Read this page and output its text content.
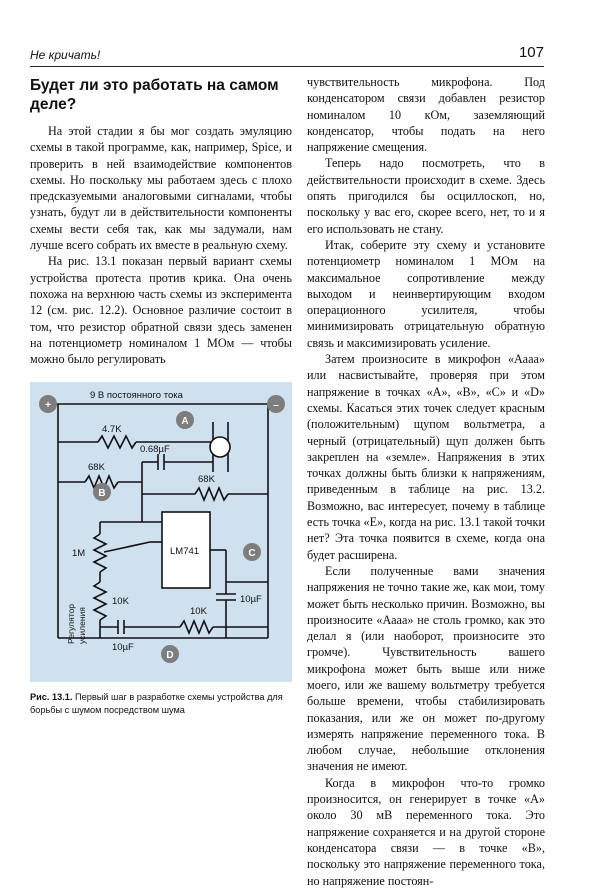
Не кричать!	107
Будет ли это работать на самом деле?

На этой стадии я бы мог создать эмуляцию схемы в такой программе, как, например, Spice, и проверить в ней взаимодействие компонентов схемы. Но поскольку мы работаем здесь с плохо предсказуемыми аналоговыми сигналами, чтобы узнать, будут ли в действительности компоненты схемы вести себя так, как мы задумали, нам лучше всего собрать их вместе в реальную схему.

На рис. 13.1 показан первый вариант схемы устройства протеста против крика. Она очень похожа на верхнюю часть схемы из эксперимента 12 (см. рис. 12.2). Основное различие состоит в том, что резистор обратной связи здесь заменен на потенциометр номиналом 1 МОм — чтобы можно было регулировать

+	–
9 В постоянного тока
4.7K
68K
0.68µF
68K
1M	LM741
10K	10µF
10µF
10K
Регулятор усиления
A
B
C
D
Рис. 13.1. Первый шаг в разработке схемы устройства для борьбы с шумом посредством шума

чувствительность микрофона. Под конденсатором связи добавлен резистор номиналом 10 кОм, заземляющий конденсатор, чтобы подать на него напряжение смещения.

Теперь надо посмотреть, что в действительности происходит в схеме. Здесь опять пригодился бы осциллоскоп, но, поскольку у вас его, скорее всего, нет, то и я его использовать не стану.

Итак, соберите эту схему и установите потенциометр номиналом 1 МОм на максимальное сопротивление между выходом и неинвертирующим входом операционного усилителя, чтобы минимизировать отрицательную обратную связь и максимизировать усиление.

Затем произносите в микрофон «Аааа» или насвистывайте, проверяя при этом напряжение в точках «А», «В», «С» и «D» схемы. Касаться этих точек следует красным (положительным) щупом вольтметра, а черный (отрицательный) щуп должен быть закреплен на «земле». Напряжения в этих точках должны быть близки к напряжениям, приведенным в таблице на рис. 13.2. Возможно, вас интересует, почему в таблице есть точка «Е», когда на рис. 13.1 такой точки нет? Эта точка появится в схеме, когда она будет расширена.

Если полученные вами значения напряжения не точно такие же, как мои, тому может быть несколько причин. Возможно, вы произносите «Аааа» не столь громко, как это делал я (или наоборот, произносите это громче). Чувствительность вашего микрофона может быть выше или ниже моего, или же вашему вольтметру требуется больше времени, чтобы стабилизировать показания, или же он может по-другому измерять напряжение переменного тока. В любом случае, небольшие отклонения значения не имеют.

Когда в микрофон что-то громко произносится, он генерирует в точке «А» около 30 мВ переменного тока. Это напряжение сохраняется и на другой стороне конденсатора связи — в точке «В», поскольку это напряжение переменного тока, но напряжение постоян-
